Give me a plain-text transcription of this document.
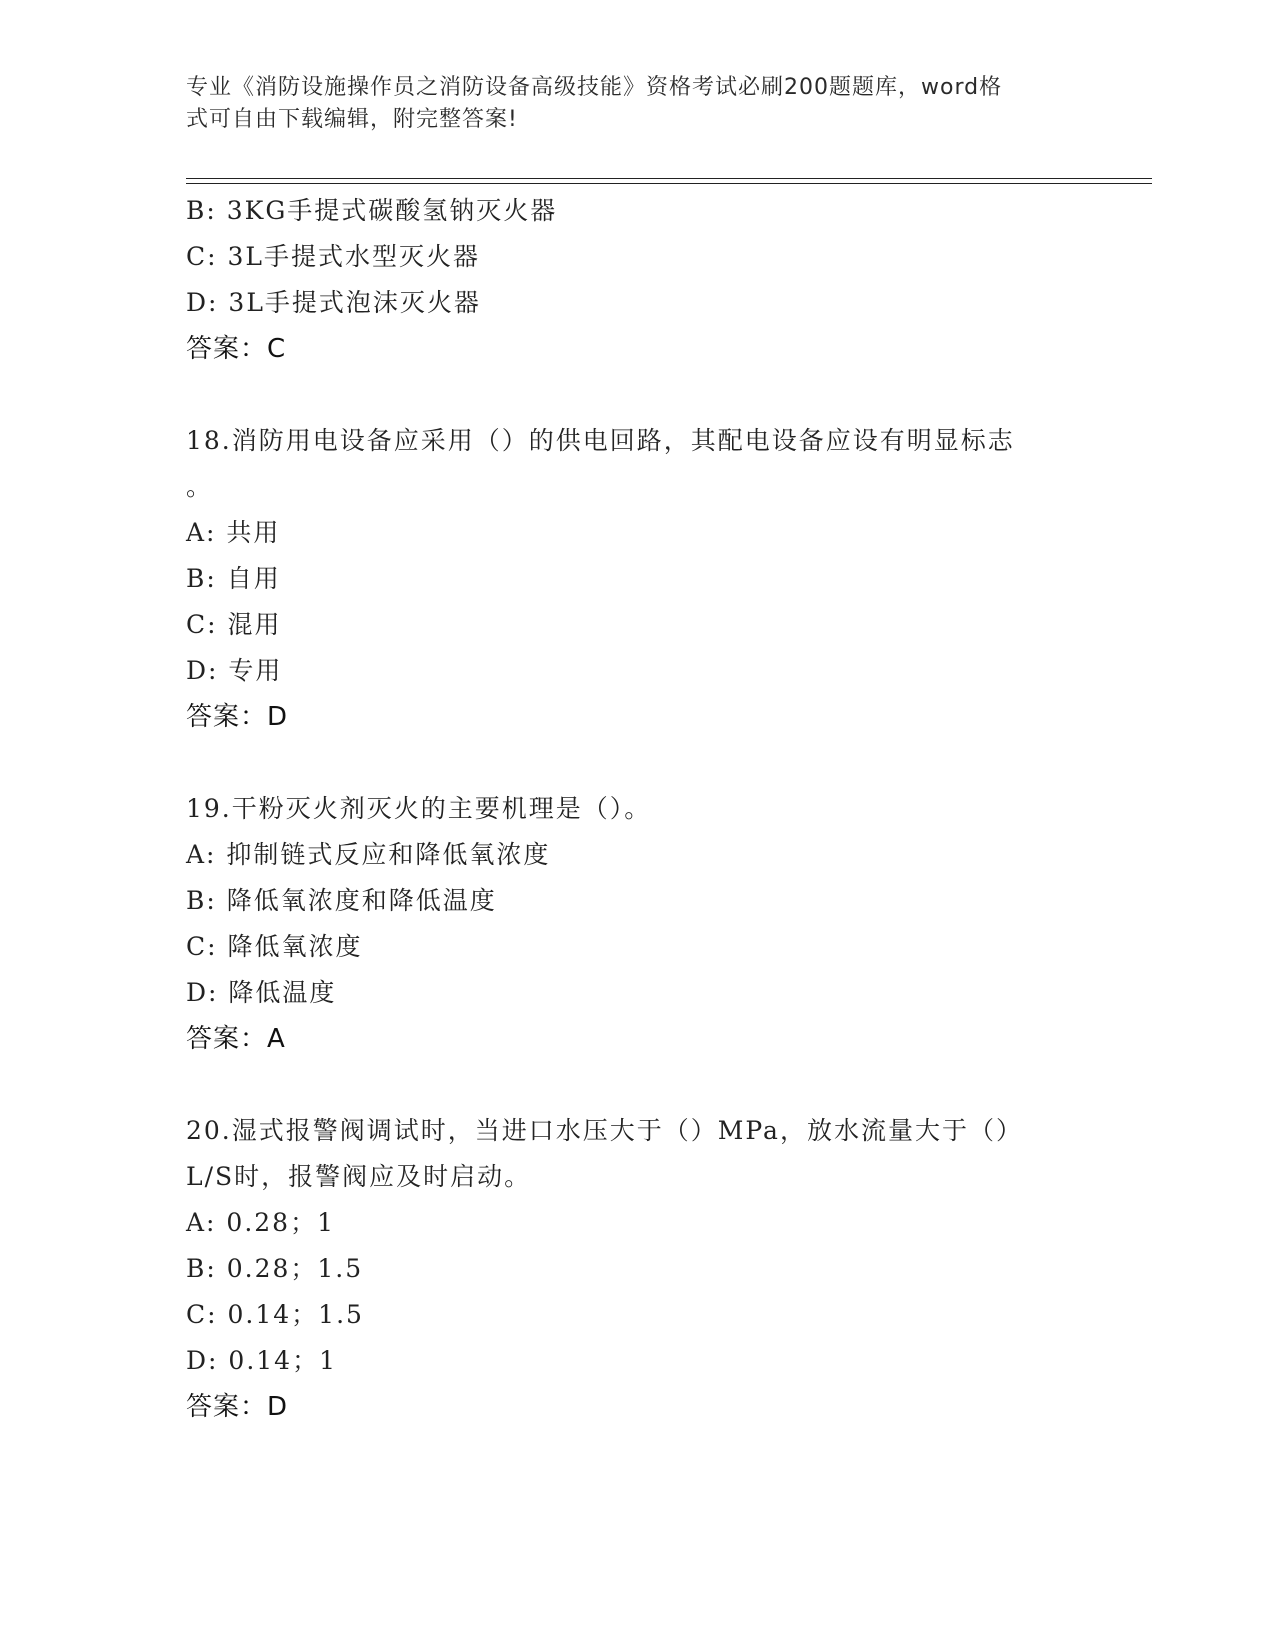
专业《消防设施操作员之消防设备高级技能》资格考试必刷200题题库，word格
式可自由下载编辑，附完整答案!
B: 3KG手提式碳酸氢钠灭火器
C: 3L手提式水型灭火器
D: 3L手提式泡沫灭火器
答案：C
18.消防用电设备应采用（）的供电回路，其配电设备应设有明显标志
。
A: 共用
B: 自用
C: 混用
D: 专用
答案：D
19.干粉灭火剂灭火的主要机理是（）。
A: 抑制链式反应和降低氧浓度
B: 降低氧浓度和降低温度
C: 降低氧浓度
D: 降低温度
答案：A
20.湿式报警阀调试时，当进口水压大于（）MPa，放水流量大于（）
L/S时，报警阀应及时启动。
A: 0.28；1
B: 0.28；1.5
C: 0.14；1.5
D: 0.14；1
答案：D
